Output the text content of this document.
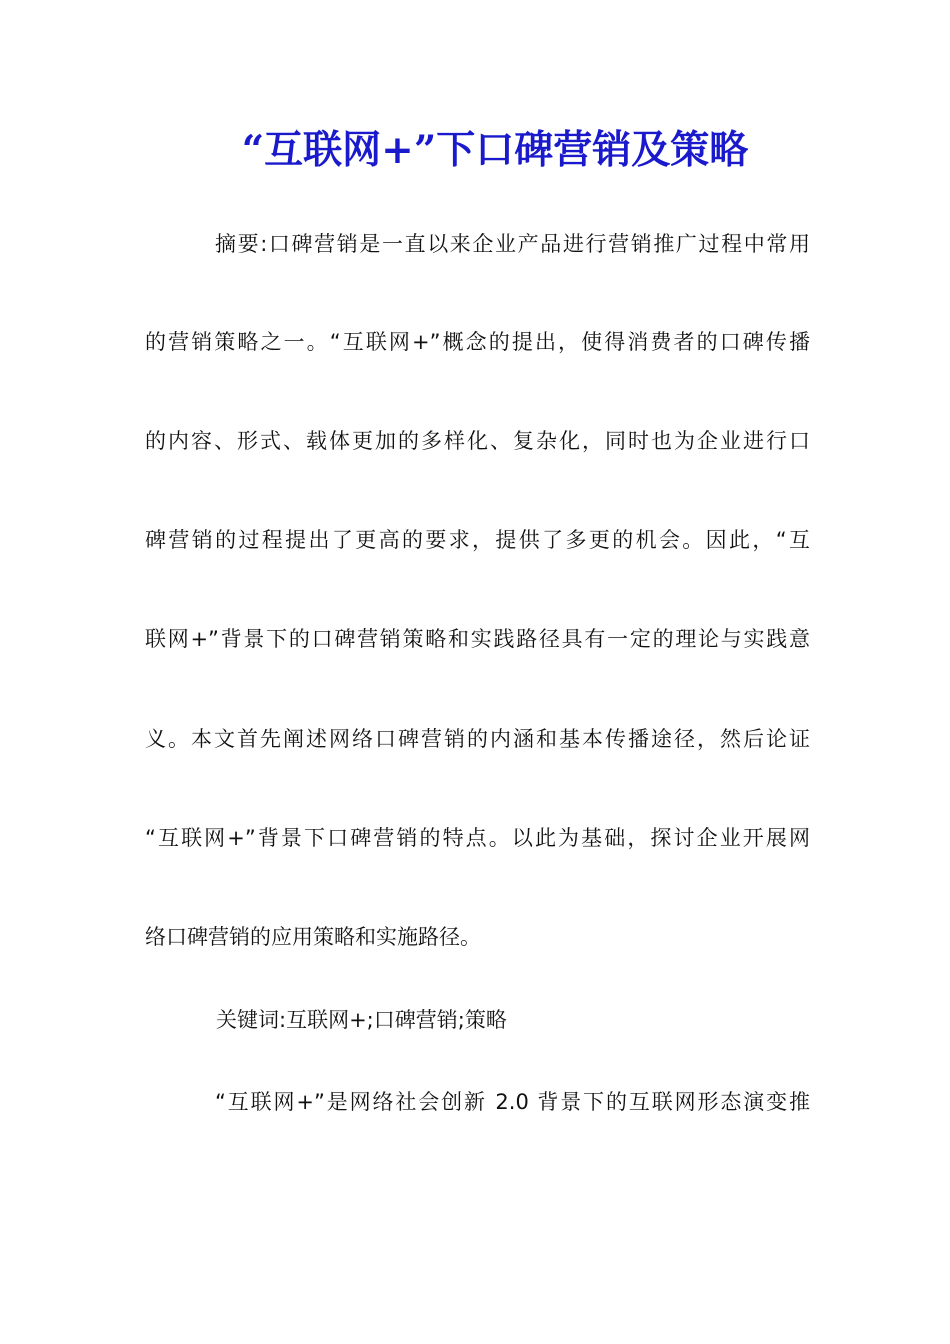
“互联网+”下口碑营销及策略
摘要:口碑营销是一直以来企业产品进行营销推广过程中常用
的营销策略之一。“互联网+”概念的提出，使得消费者的口碑传播
的内容、形式、载体更加的多样化、复杂化，同时也为企业进行口
碑营销的过程提出了更高的要求，提供了多更的机会。因此，“互
联网+”背景下的口碑营销策略和实践路径具有一定的理论与实践意
义。本文首先阐述网络口碑营销的内涵和基本传播途径，然后论证
“互联网+”背景下口碑营销的特点。以此为基础，探讨企业开展网
络口碑营销的应用策略和实施路径。
关键词:互联网+;口碑营销;策略
“互联网+”是网络社会创新 2.0 背景下的互联网形态演变推
